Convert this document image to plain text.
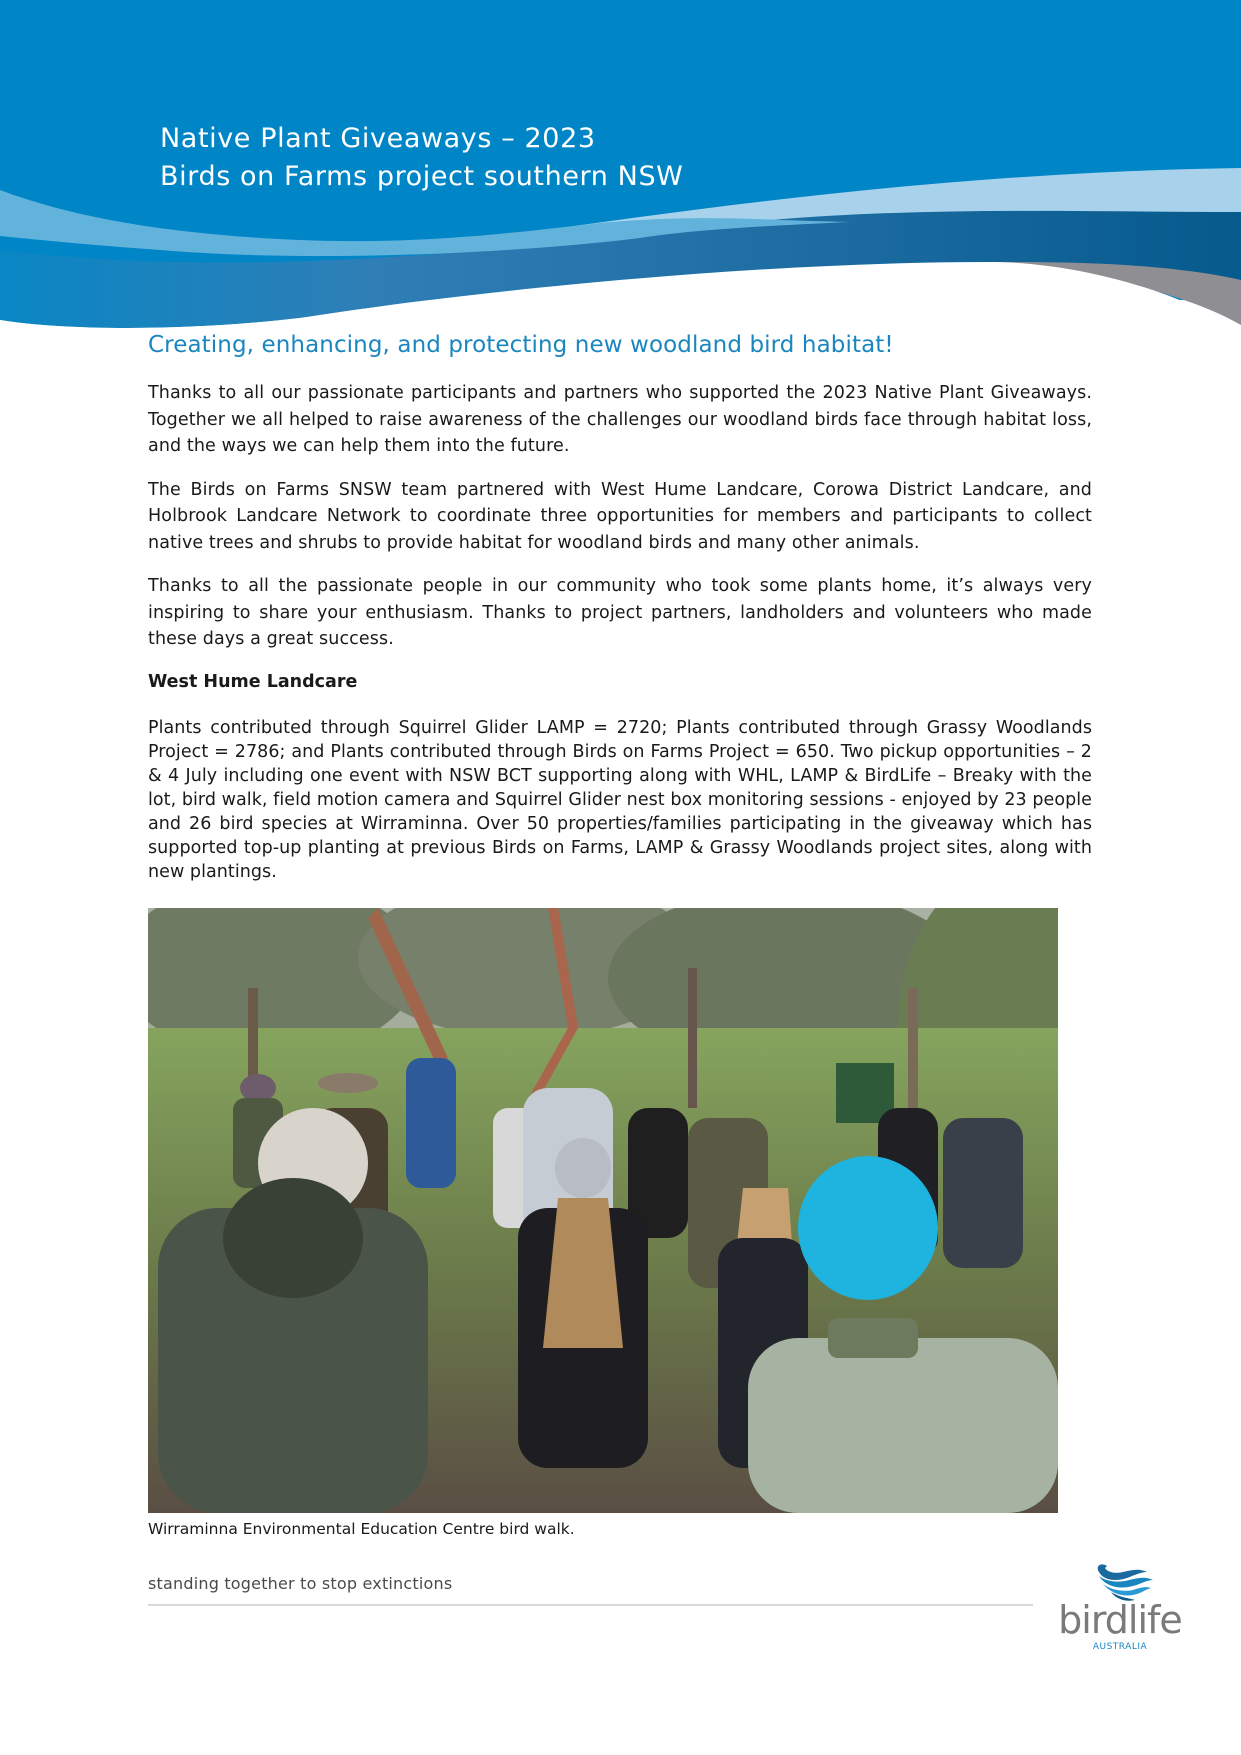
Native Plant Giveaways – 2023
Birds on Farms project southern NSW
Creating, enhancing, and protecting new woodland bird habitat!

Thanks to all our passionate participants and partners who supported the 2023 Native Plant Giveaways. Together we all helped to raise awareness of the challenges our woodland birds face through habitat loss, and the ways we can help them into the future.

The Birds on Farms SNSW team partnered with West Hume Landcare, Corowa District Landcare, and Holbrook Landcare Network to coordinate three opportunities for members and participants to collect native trees and shrubs to provide habitat for woodland birds and many other animals.

Thanks to all the passionate people in our community who took some plants home, it’s always very inspiring to share your enthusiasm. Thanks to project partners, landholders and volunteers who made these days a great success.

West Hume Landcare

Plants contributed through Squirrel Glider LAMP = 2720; Plants contributed through Grassy Woodlands Project = 2786; and Plants contributed through Birds on Farms Project = 650. Two pickup opportunities – 2 & 4 July including one event with NSW BCT supporting along with WHL, LAMP & BirdLife – Breaky with the lot, bird walk, field motion camera and Squirrel Glider nest box monitoring sessions - enjoyed by 23 people and 26 bird species at Wirraminna. Over 50 properties/families participating in the giveaway which has supported top-up planting at previous Birds on Farms, LAMP & Grassy Woodlands project sites, along with new plantings.

Wirraminna Environmental Education Centre bird walk.
standing together to stop extinctions
birdlife
AUSTRALIA
